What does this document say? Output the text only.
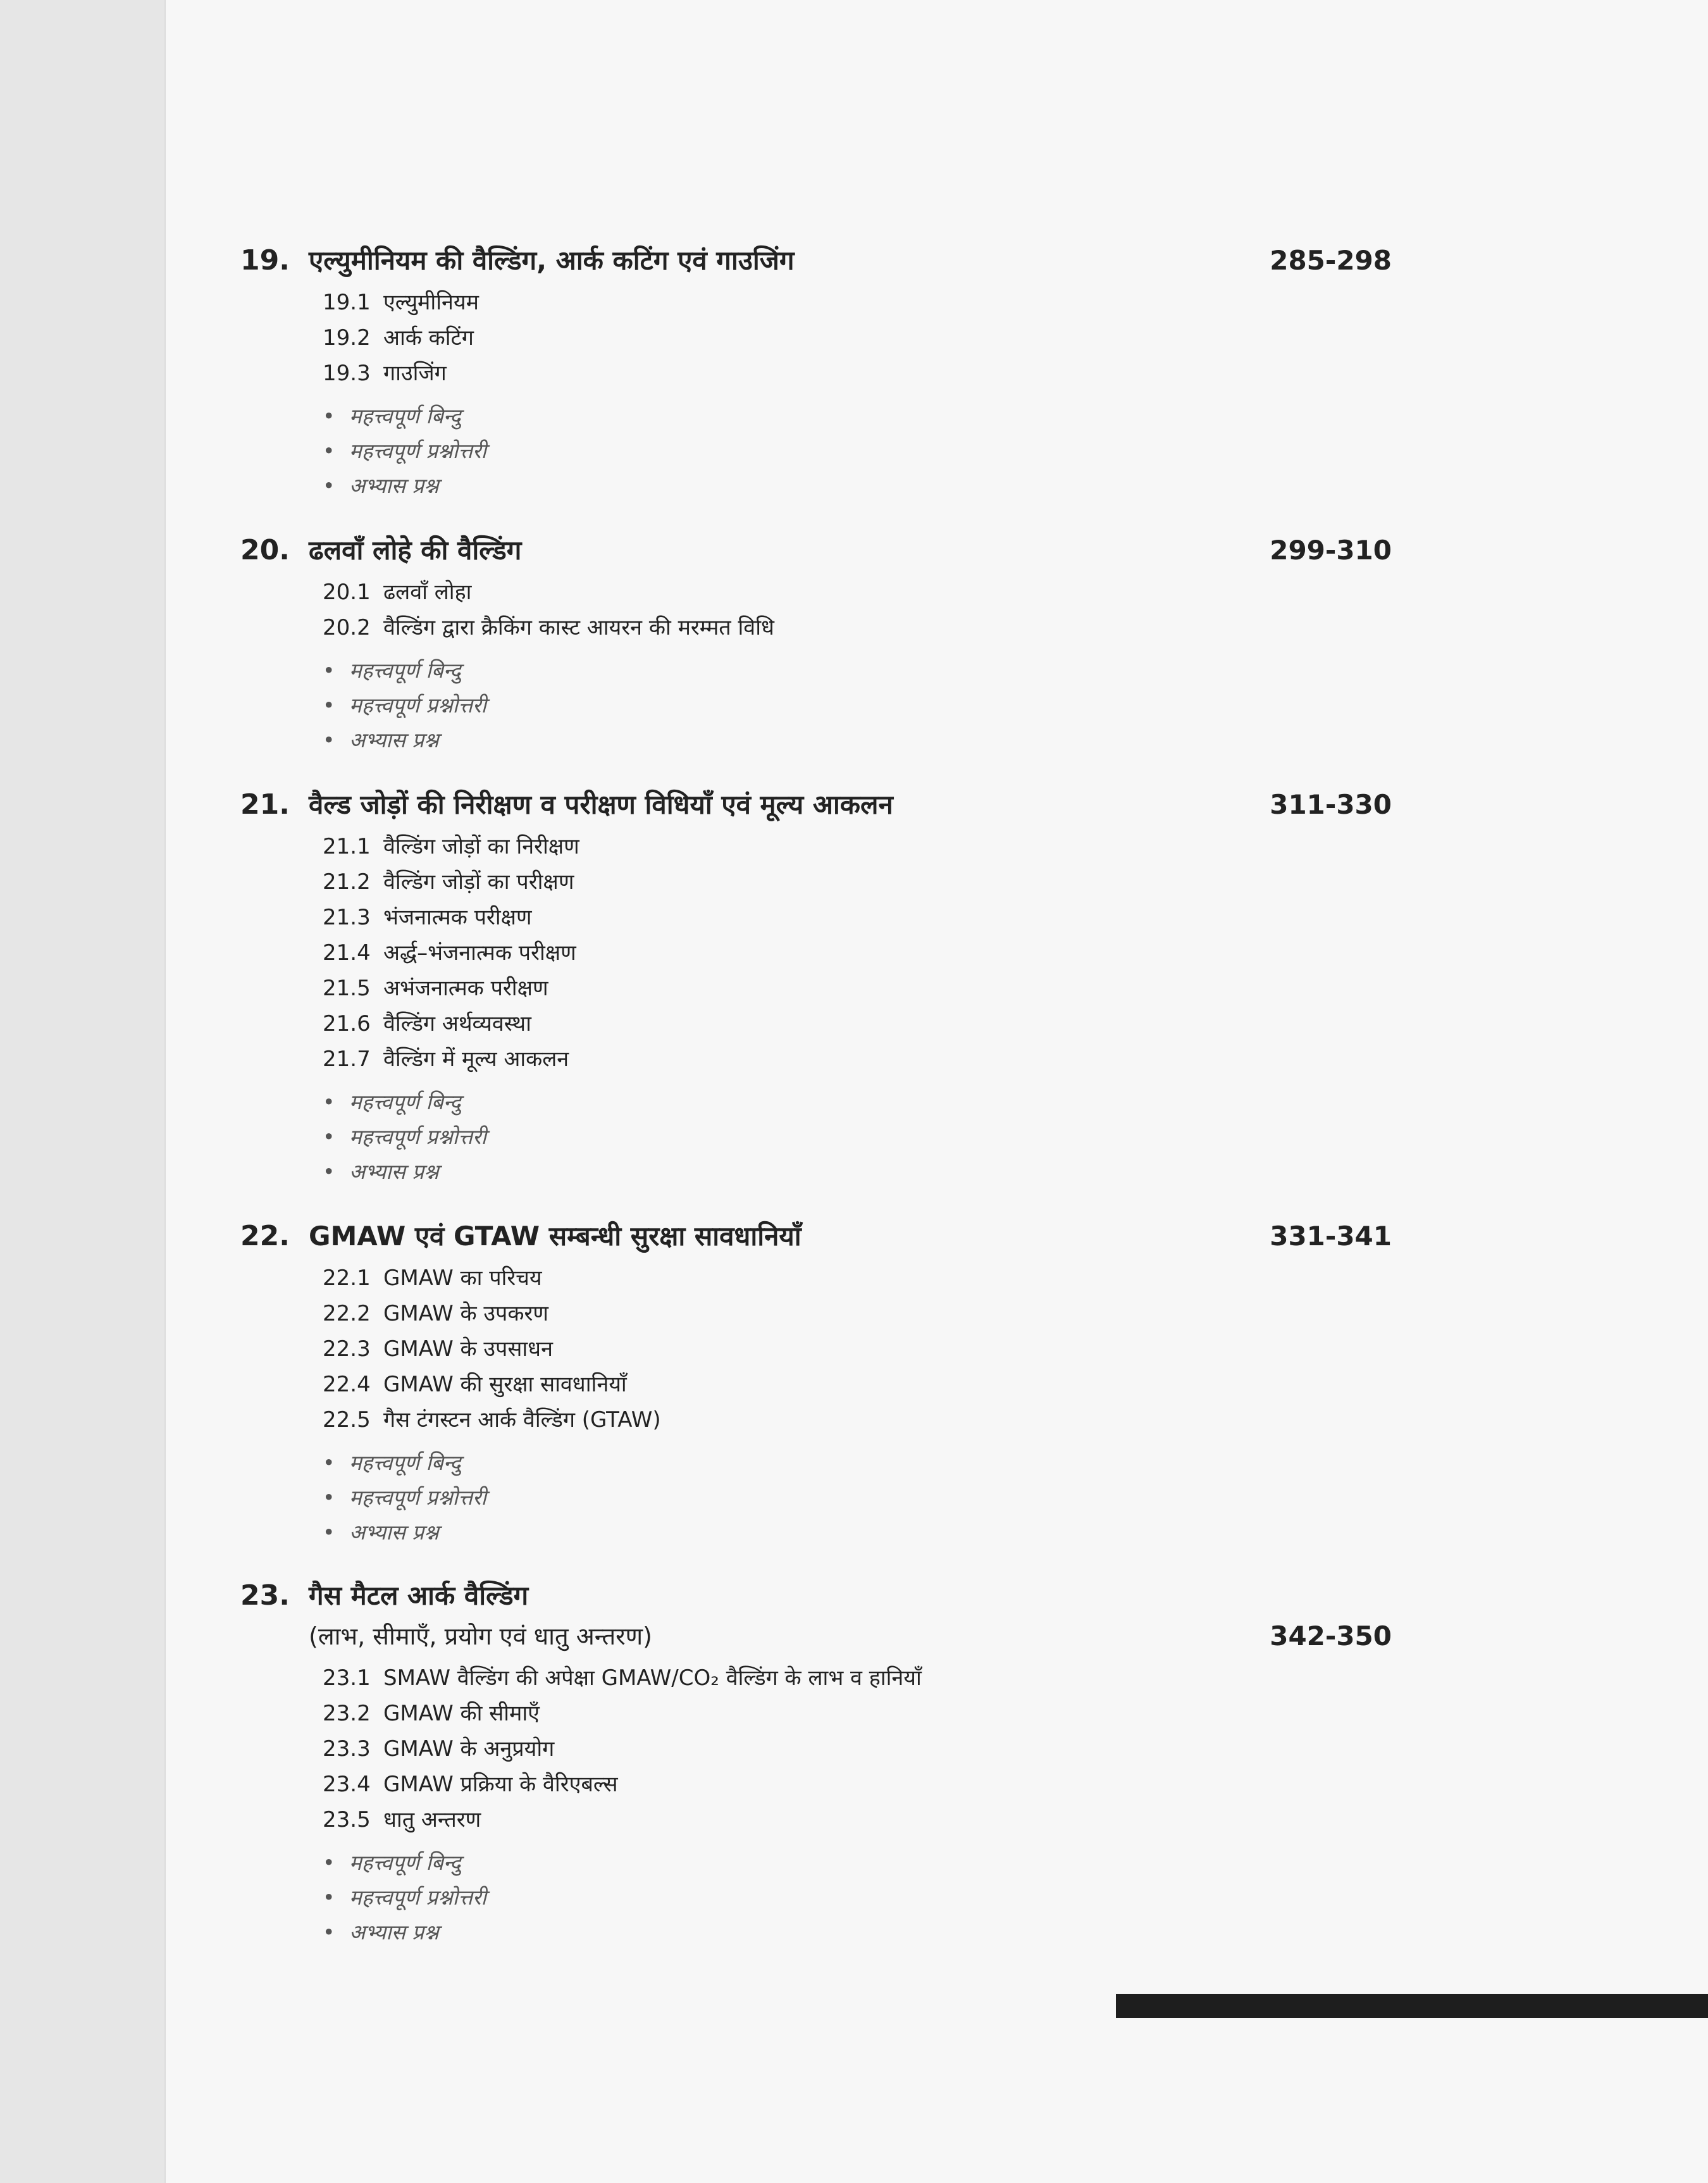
19. एल्युमीनियम की वैल्डिंग, आर्क कटिंग एवं गाउजिंग	285-298
19.1 एल्युमीनियम
19.2 आर्क कटिंग
19.3 गाउजिंग
• महत्त्वपूर्ण बिन्दु
• महत्त्वपूर्ण प्रश्नोत्तरी
• अभ्यास प्रश्न
20. ढलवाँ लोहे की वैल्डिंग	299-310
20.1 ढलवाँ लोहा
20.2 वैल्डिंग द्वारा क्रैकिंग कास्ट आयरन की मरम्मत विधि
• महत्त्वपूर्ण बिन्दु
• महत्त्वपूर्ण प्रश्नोत्तरी
• अभ्यास प्रश्न
21. वैल्ड जोड़ों की निरीक्षण व परीक्षण विधियाँ एवं मूल्य आकलन	311-330
21.1 वैल्डिंग जोड़ों का निरीक्षण
21.2 वैल्डिंग जोड़ों का परीक्षण
21.3 भंजनात्मक परीक्षण
21.4 अर्द्ध–भंजनात्मक परीक्षण
21.5 अभंजनात्मक परीक्षण
21.6 वैल्डिंग अर्थव्यवस्था
21.7 वैल्डिंग में मूल्य आकलन
• महत्त्वपूर्ण बिन्दु
• महत्त्वपूर्ण प्रश्नोत्तरी
• अभ्यास प्रश्न
22. GMAW एवं GTAW सम्बन्धी सुरक्षा सावधानियाँ	331-341
22.1 GMAW का परिचय
22.2 GMAW के उपकरण
22.3 GMAW के उपसाधन
22.4 GMAW की सुरक्षा सावधानियाँ
22.5 गैस टंगस्टन आर्क वैल्डिंग (GTAW)
• महत्त्वपूर्ण बिन्दु
• महत्त्वपूर्ण प्रश्नोत्तरी
• अभ्यास प्रश्न
23. गैस मैटल आर्क वैल्डिंग
(लाभ, सीमाएँ, प्रयोग एवं धातु अन्तरण)	342-350
23.1 SMAW वैल्डिंग की अपेक्षा GMAW/CO₂ वैल्डिंग के लाभ व हानियाँ
23.2 GMAW की सीमाएँ
23.3 GMAW के अनुप्रयोग
23.4 GMAW प्रक्रिया के वैरिएबल्स
23.5 धातु अन्तरण
• महत्त्वपूर्ण बिन्दु
• महत्त्वपूर्ण प्रश्नोत्तरी
• अभ्यास प्रश्न
